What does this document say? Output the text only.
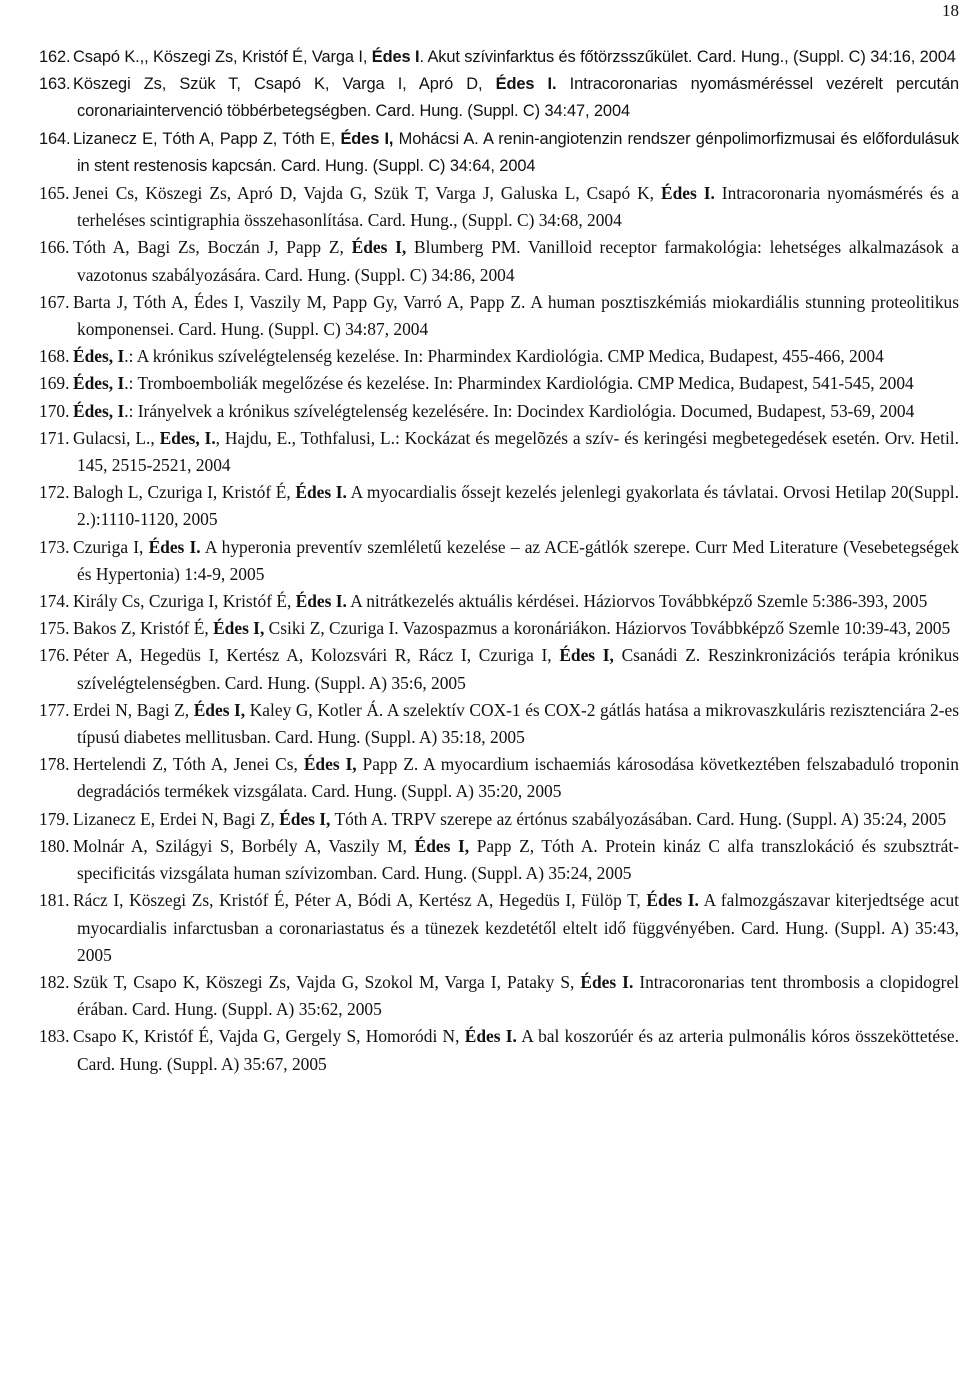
18
162. Csapó K.,, Köszegi Zs, Kristóf É, Varga I, Édes I. Akut szívinfarktus és főtörzsszűkület. Card. Hung., (Suppl. C) 34:16, 2004
163. Köszegi Zs, Szük T, Csapó K, Varga I, Apró D, Édes I. Intracoronarias nyomásméréssel vezérelt percután coronariaintervenció többérbetegségben. Card. Hung. (Suppl. C) 34:47, 2004
164. Lizanecz E, Tóth A, Papp Z, Tóth E, Édes I, Mohácsi A. A renin-angiotenzin rendszer génpolimorfizmusai és előfordulásuk in stent restenosis kapcsán. Card. Hung. (Suppl. C) 34:64, 2004
165. Jenei Cs, Köszegi Zs, Apró D, Vajda G, Szük T, Varga J, Galuska L, Csapó K, Édes I. Intracoronaria nyomásmérés és a terheléses scintigraphia összehasonlítása. Card. Hung., (Suppl. C) 34:68, 2004
166. Tóth A, Bagi Zs, Boczán J, Papp Z, Édes I, Blumberg PM. Vanilloid receptor farmakológia: lehetséges alkalmazások a vazotonus szabályozására. Card. Hung. (Suppl. C) 34:86, 2004
167. Barta J, Tóth A, Édes I, Vaszily M, Papp Gy, Varró A, Papp Z. A human posztiszkémiás miokardiális stunning proteolitikus komponensei. Card. Hung. (Suppl. C) 34:87, 2004
168. Édes, I.: A krónikus szívelégtelenség kezelése. In: Pharmindex Kardiológia. CMP Medica, Budapest, 455-466, 2004
169. Édes, I.: Tromboemboliák megelőzése és kezelése. In: Pharmindex Kardiológia. CMP Medica, Budapest, 541-545, 2004
170. Édes, I.: Irányelvek a krónikus szívelégtelenség kezelésére. In: Docindex Kardiológia. Documed, Budapest, 53-69, 2004
171. Gulacsi, L., Edes, I., Hajdu, E., Tothfalusi, L.: Kockázat és megelõzés a szív- és keringési megbetegedések esetén. Orv. Hetil. 145, 2515-2521, 2004
172. Balogh L, Czuriga I, Kristóf É, Édes I. A myocardialis őssejt kezelés jelenlegi gyakorlata és távlatai. Orvosi Hetilap 20(Suppl. 2.):1110-1120, 2005
173. Czuriga I, Édes I. A hyperonia preventív szemléletű kezelése – az ACE-gátlók szerepe. Curr Med Literature (Vesebetegségek és Hypertonia) 1:4-9, 2005
174. Király Cs, Czuriga I, Kristóf É, Édes I. A nitrátkezelés aktuális kérdései. Háziorvos Továbbképző Szemle 5:386-393, 2005
175. Bakos Z, Kristóf É, Édes I, Csiki Z, Czuriga I. Vazospazmus a koronáriákon. Háziorvos Továbbképző Szemle 10:39-43, 2005
176. Péter A, Hegedüs I, Kertész A, Kolozsvári R, Rácz I, Czuriga I, Édes I, Csanádi Z. Reszinkronizációs terápia krónikus szívelégtelenségben. Card. Hung. (Suppl. A) 35:6, 2005
177. Erdei N, Bagi Z, Édes I, Kaley G, Kotler Á. A szelektív COX-1 és COX-2 gátlás hatása a mikrovaszkuláris rezisztenciára 2-es típusú diabetes mellitusban. Card. Hung. (Suppl. A) 35:18, 2005
178. Hertelendi Z, Tóth A, Jenei Cs, Édes I, Papp Z. A myocardium ischaemiás károsodása következtében felszabaduló troponin degradációs termékek vizsgálata. Card. Hung. (Suppl. A) 35:20, 2005
179. Lizanecz E, Erdei N, Bagi Z, Édes I, Tóth A. TRPV szerepe az értónus szabályozásában. Card. Hung. (Suppl. A) 35:24, 2005
180. Molnár A, Szilágyi S, Borbély A, Vaszily M, Édes I, Papp Z, Tóth A. Protein kináz C alfa transzlokáció és szubsztrát-specificitás vizsgálata human szívizomban. Card. Hung. (Suppl. A) 35:24, 2005
181. Rácz I, Köszegi Zs, Kristóf É, Péter A, Bódi A, Kertész A, Hegedüs I, Fülöp T, Édes I. A falmozgászavar kiterjedtsége acut myocardialis infarctusban a coronariastatus és a tünezek kezdetétől eltelt idő függvényében. Card. Hung. (Suppl. A) 35:43, 2005
182. Szük T, Csapo K, Köszegi Zs, Vajda G, Szokol M, Varga I, Pataky S, Édes I. Intracoronarias tent thrombosis a clopidogrel érában. Card. Hung. (Suppl. A) 35:62, 2005
183. Csapo K, Kristóf É, Vajda G, Gergely S, Homoródi N, Édes I. A bal koszorúér és az arteria pulmonális kóros összeköttetése. Card. Hung. (Suppl. A) 35:67, 2005
